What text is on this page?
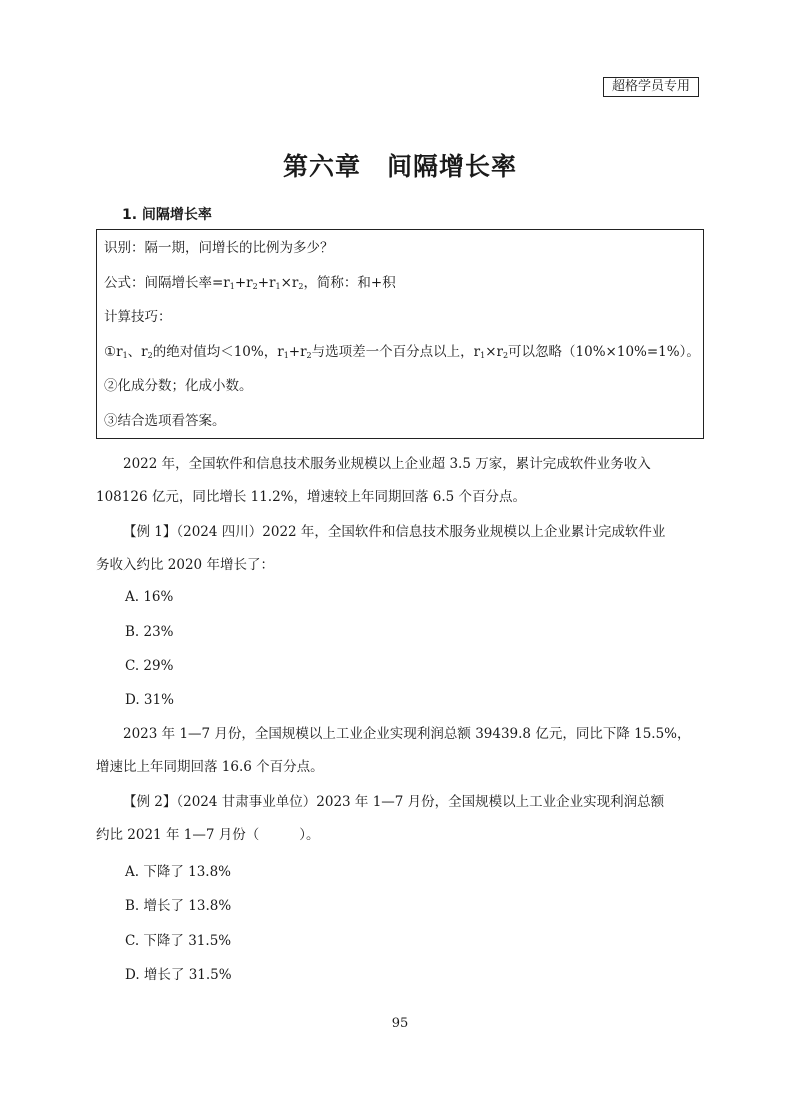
超格学员专用
第六章 间隔增长率
1. 间隔增长率
识别：隔一期，问增长的比例为多少？
公式：间隔增长率$=r_1+r_2+r_1\times r_2$，简称：和+积
计算技巧：
$①r_1$、$r_2$的绝对值均＜10%，$r_1+r_2$与选项差一个百分点以上，$r_1\times r_2$可以忽略（10%×10%=1%）。
②化成分数；化成小数。
③结合选项看答案。
2022 年，全国软件和信息技术服务业规模以上企业超 3.5 万家，累计完成软件业务收入
108126 亿元，同比增长 11.2%，增速较上年同期回落 6.5 个百分点。
【例 1】（2024 四川）2022 年，全国软件和信息技术服务业规模以上企业累计完成软件业
务收入约比 2020 年增长了：
A. 16%
B. 23%
C. 29%
D. 31%
2023 年 1—7 月份，全国规模以上工业企业实现利润总额 39439.8 亿元，同比下降 15.5%，
增速比上年同期回落 16.6 个百分点。
【例 2】（2024 甘肃事业单位）2023 年 1—7 月份，全国规模以上工业企业实现利润总额
约比 2021 年 1—7 月份（	）。
A. 下降了 13.8%
B. 增长了 13.8%
C. 下降了 31.5%
D. 增长了 31.5%
95
